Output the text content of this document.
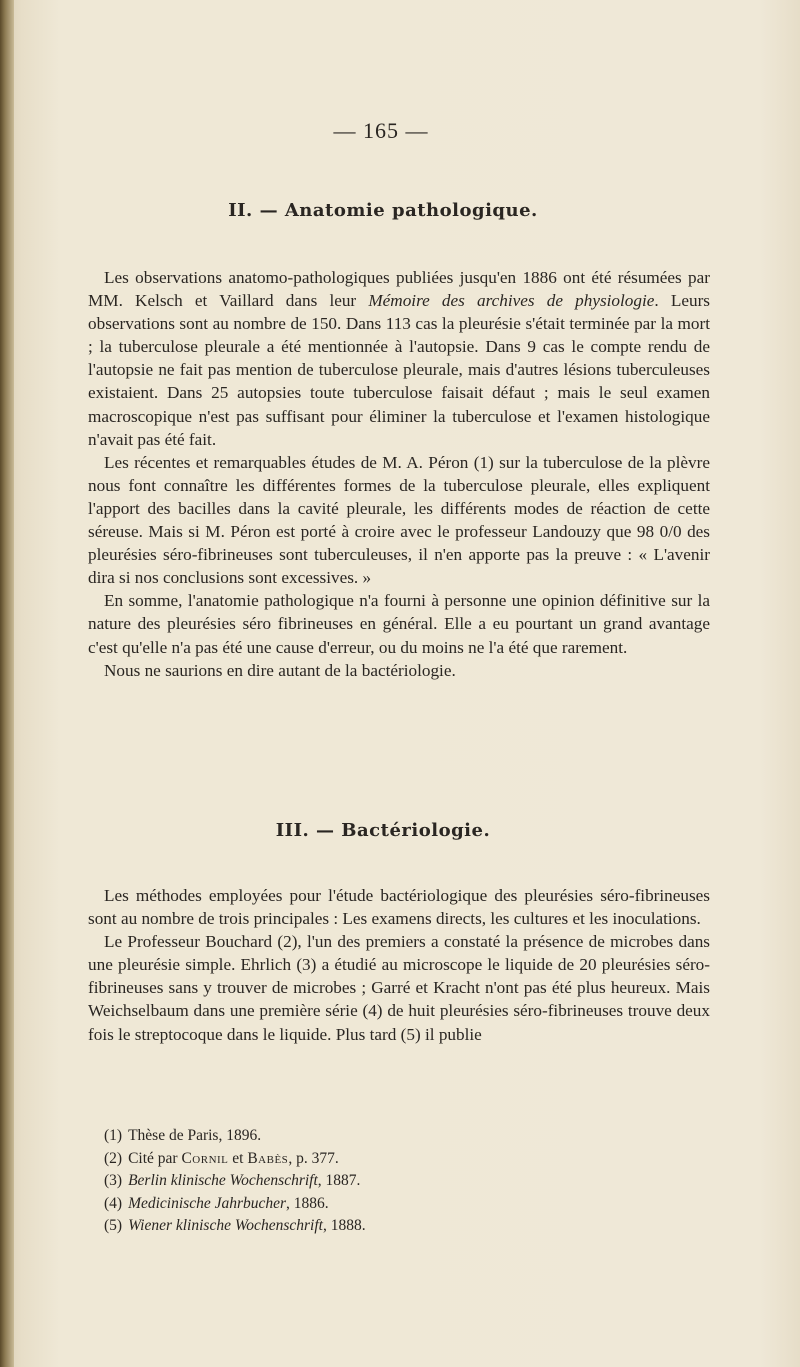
— 165 —
II. — Anatomie pathologique.

Les observations anatomo-pathologiques publiées jusqu'en 1886 ont été résumées par MM. Kelsch et Vaillard dans leur Mémoire des archives de physiologie. Leurs observations sont au nombre de 150. Dans 113 cas la pleurésie s'était terminée par la mort ; la tuberculose pleurale a été mentionnée à l'autopsie. Dans 9 cas le compte rendu de l'autopsie ne fait pas mention de tuberculose pleurale, mais d'autres lésions tuberculeuses existaient. Dans 25 autopsies toute tuberculose faisait défaut ; mais le seul examen macroscopique n'est pas suffisant pour éliminer la tuberculose et l'examen histologique n'avait pas été fait.

Les récentes et remarquables études de M. A. Péron (1) sur la tuberculose de la plèvre nous font connaître les différentes formes de la tuberculose pleurale, elles expliquent l'apport des bacilles dans la cavité pleurale, les différents modes de réaction de cette séreuse. Mais si M. Péron est porté à croire avec le professeur Landouzy que 98 0/0 des pleurésies séro-fibrineuses sont tuberculeuses, il n'en apporte pas la preuve : « L'avenir dira si nos conclusions sont excessives. »

En somme, l'anatomie pathologique n'a fourni à personne une opinion définitive sur la nature des pleurésies séro fibrineuses en général. Elle a eu pourtant un grand avantage c'est qu'elle n'a pas été une cause d'erreur, ou du moins ne l'a été que rarement.

Nous ne saurions en dire autant de la bactériologie.

III. — Bactériologie.

Les méthodes employées pour l'étude bactériologique des pleurésies séro-fibrineuses sont au nombre de trois principales : Les examens directs, les cultures et les inoculations.

Le Professeur Bouchard (2), l'un des premiers a constaté la présence de microbes dans une pleurésie simple. Ehrlich (3) a étudié au microscope le liquide de 20 pleurésies séro-fibrineuses sans y trouver de microbes ; Garré et Kracht n'ont pas été plus heureux. Mais Weichselbaum dans une première série (4) de huit pleurésies séro-fibrineuses trouve deux fois le streptocoque dans le liquide. Plus tard (5) il publie

(1) Thèse de Paris, 1896.
(2) Cité par Cornil et Babès, p. 377.
(3) Berlin klinische Wochenschrift, 1887.
(4) Medicinische Jahrbucher, 1886.
(5) Wiener klinische Wochenschrift, 1888.
